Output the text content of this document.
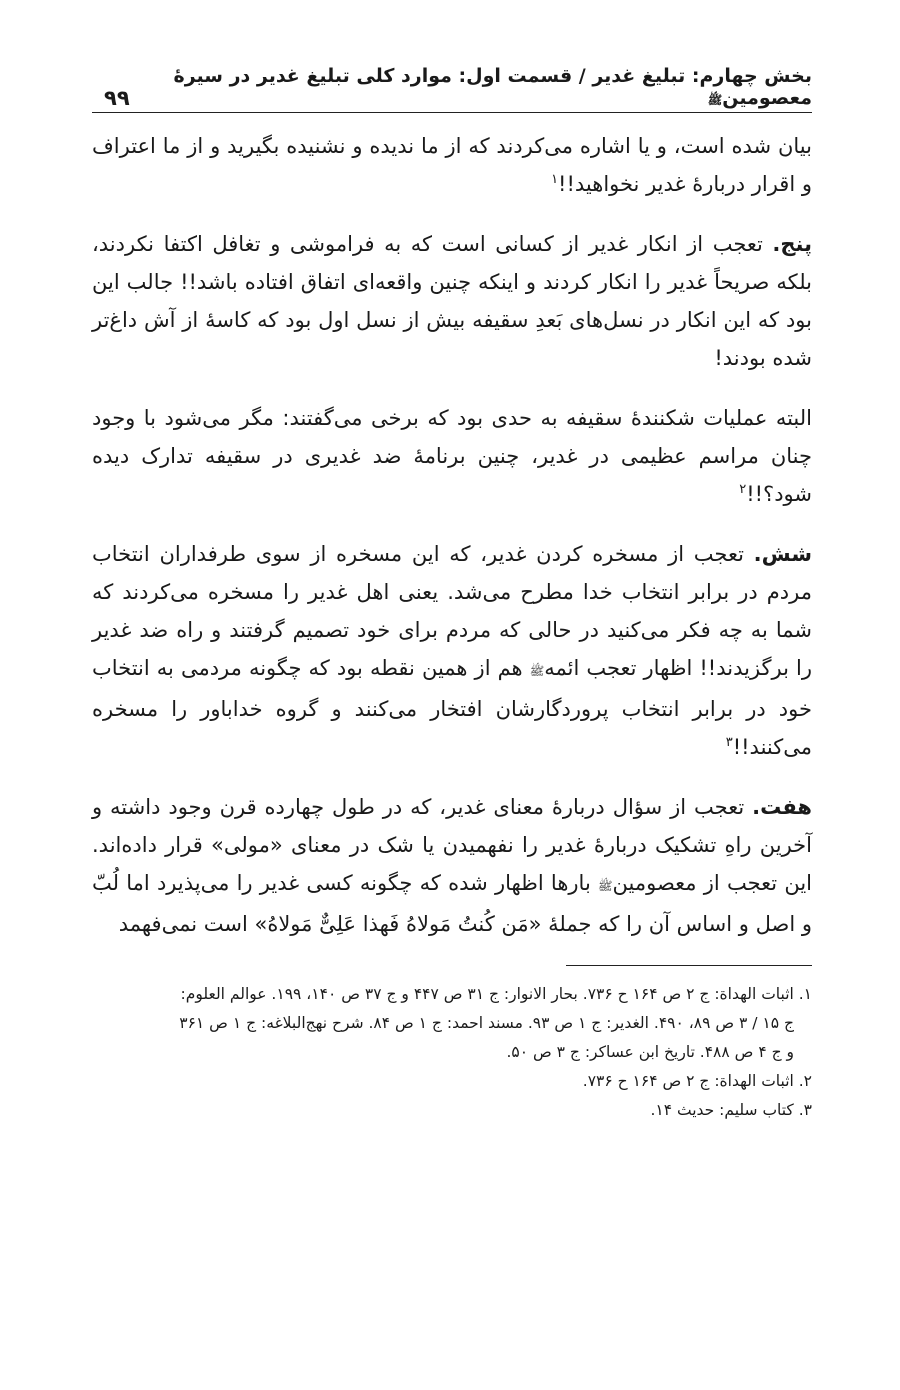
بخش چهارم: تبلیغ غدیر / قسمت اول: موارد کلی تبلیغ غدیر در سیرهٔ معصومینﷺ
۹۹

بیان شده است، و یا اشاره می‌کردند که از ما ندیده و نشنیده بگیرید و از ما اعتراف و اقرار دربارهٔ غدیر نخواهید!!$^۱$

پنج. تعجب از انکار غدیر از کسانی است که به فراموشی و تغافل اکتفا نکردند، بلکه صریحاً غدیر را انکار کردند و اینکه چنین واقعه‌ای اتفاق افتاده باشد!! جالب این بود که این انکار در نسل‌های بَعدِ سقیفه بیش از نسل اول بود که کاسهٔ از آش داغ‌تر شده بودند!

البته عملیات شکنندهٔ سقیفه به حدی بود که برخی می‌گفتند: مگر می‌شود با وجود چنان مراسم عظیمی در غدیر، چنین برنامهٔ ضد غدیری در سقیفه تدارک دیده شود؟!!$^۲$

شش. تعجب از مسخره کردن غدیر، که این مسخره از سوی طرفداران انتخاب مردم در برابر انتخاب خدا مطرح می‌شد. یعنی اهل غدیر را مسخره می‌کردند که شما به چه فکر می‌کنید در حالی که مردم برای خود تصمیم گرفتند و راه ضد غدیر را برگزیدند!! اظهار تعجب ائمهﷺ هم از همین نقطه بود که چگونه مردمی به انتخاب خود در برابر انتخاب پروردگارشان افتخار می‌کنند و گروه خداباور را مسخره می‌کنند!!$^۳$

هفت. تعجب از سؤال دربارهٔ معنای غدیر، که در طول چهارده قرن وجود داشته و آخرین راهِ تشکیک دربارهٔ غدیر را نفهمیدن یا شک در معنای «مولی» قرار داده‌اند. این تعجب از معصومینﷺ بارها اظهار شده که چگونه کسی غدیر را می‌پذیرد اما لُبّ و اصل و اساس آن را که جملهٔ «مَن کُنتُ مَولاهُ فَهذا عَلِیٌّ مَولاهُ» است نمی‌فهمد

۱. اثبات الهداة: ج ۲ ص ۱۶۴ ح ۷۳۶. بحار الانوار: ج ۳۱ ص ۴۴۷ و ج ۳۷ ص ۱۴۰، ۱۹۹. عوالم العلوم:

ج ۱۵ / ۳ ص ۸۹، ۴۹۰. الغدیر: ج ۱ ص ۹۳. مسند احمد: ج ۱ ص ۸۴. شرح نهج‌البلاغه: ج ۱ ص ۳۶۱

و ج ۴ ص ۴۸۸. تاریخ ابن عساکر: ج ۳ ص ۵۰.

۲. اثبات الهداة: ج ۲ ص ۱۶۴ ح ۷۳۶.

۳. کتاب سلیم: حدیث ۱۴.
